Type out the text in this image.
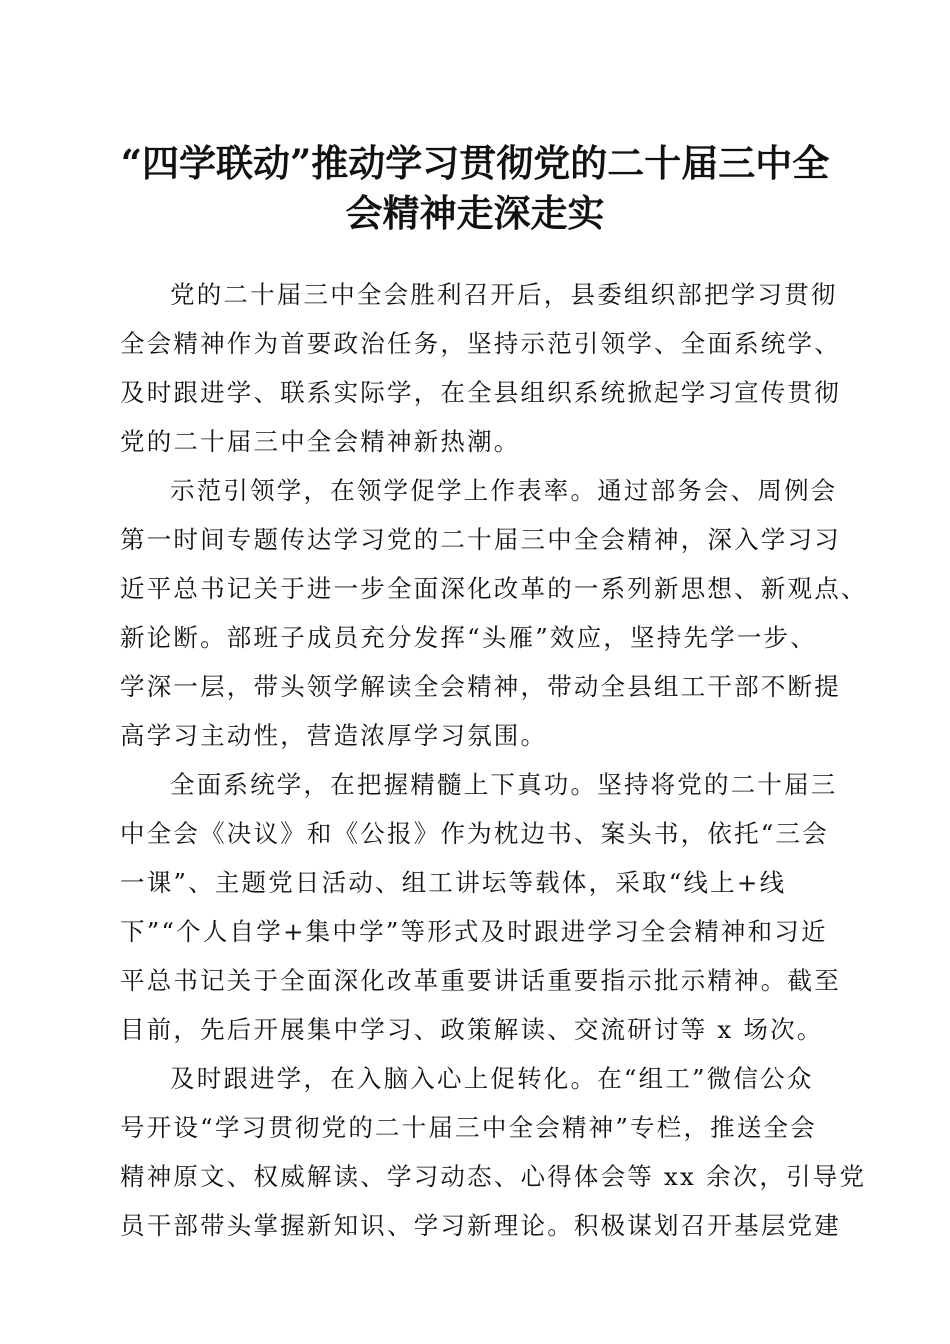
“四学联动”推动学习贯彻党的二十届三中全
会精神走深走实
党的二十届三中全会胜利召开后，县委组织部把学习贯彻
全会精神作为首要政治任务，坚持示范引领学、全面系统学、
及时跟进学、联系实际学，在全县组织系统掀起学习宣传贯彻
党的二十届三中全会精神新热潮。
示范引领学，在领学促学上作表率。通过部务会、周例会
第一时间专题传达学习党的二十届三中全会精神，深入学习习
近平总书记关于进一步全面深化改革的一系列新思想、新观点、
新论断。部班子成员充分发挥“头雁”效应，坚持先学一步、
学深一层，带头领学解读全会精神，带动全县组工干部不断提
高学习主动性，营造浓厚学习氛围。
全面系统学，在把握精髓上下真功。坚持将党的二十届三
中全会《决议》和《公报》作为枕边书、案头书，依托“三会
一课”、主题党日活动、组工讲坛等载体，采取“线上+线
下”“个人自学+集中学”等形式及时跟进学习全会精神和习近
平总书记关于全面深化改革重要讲话重要指示批示精神。截至
目前，先后开展集中学习、政策解读、交流研讨等 x 场次。
及时跟进学，在入脑入心上促转化。在“组工”微信公众
号开设“学习贯彻党的二十届三中全会精神”专栏，推送全会
精神原文、权威解读、学习动态、心得体会等 xx 余次，引导党
员干部带头掌握新知识、学习新理论。积极谋划召开基层党建
